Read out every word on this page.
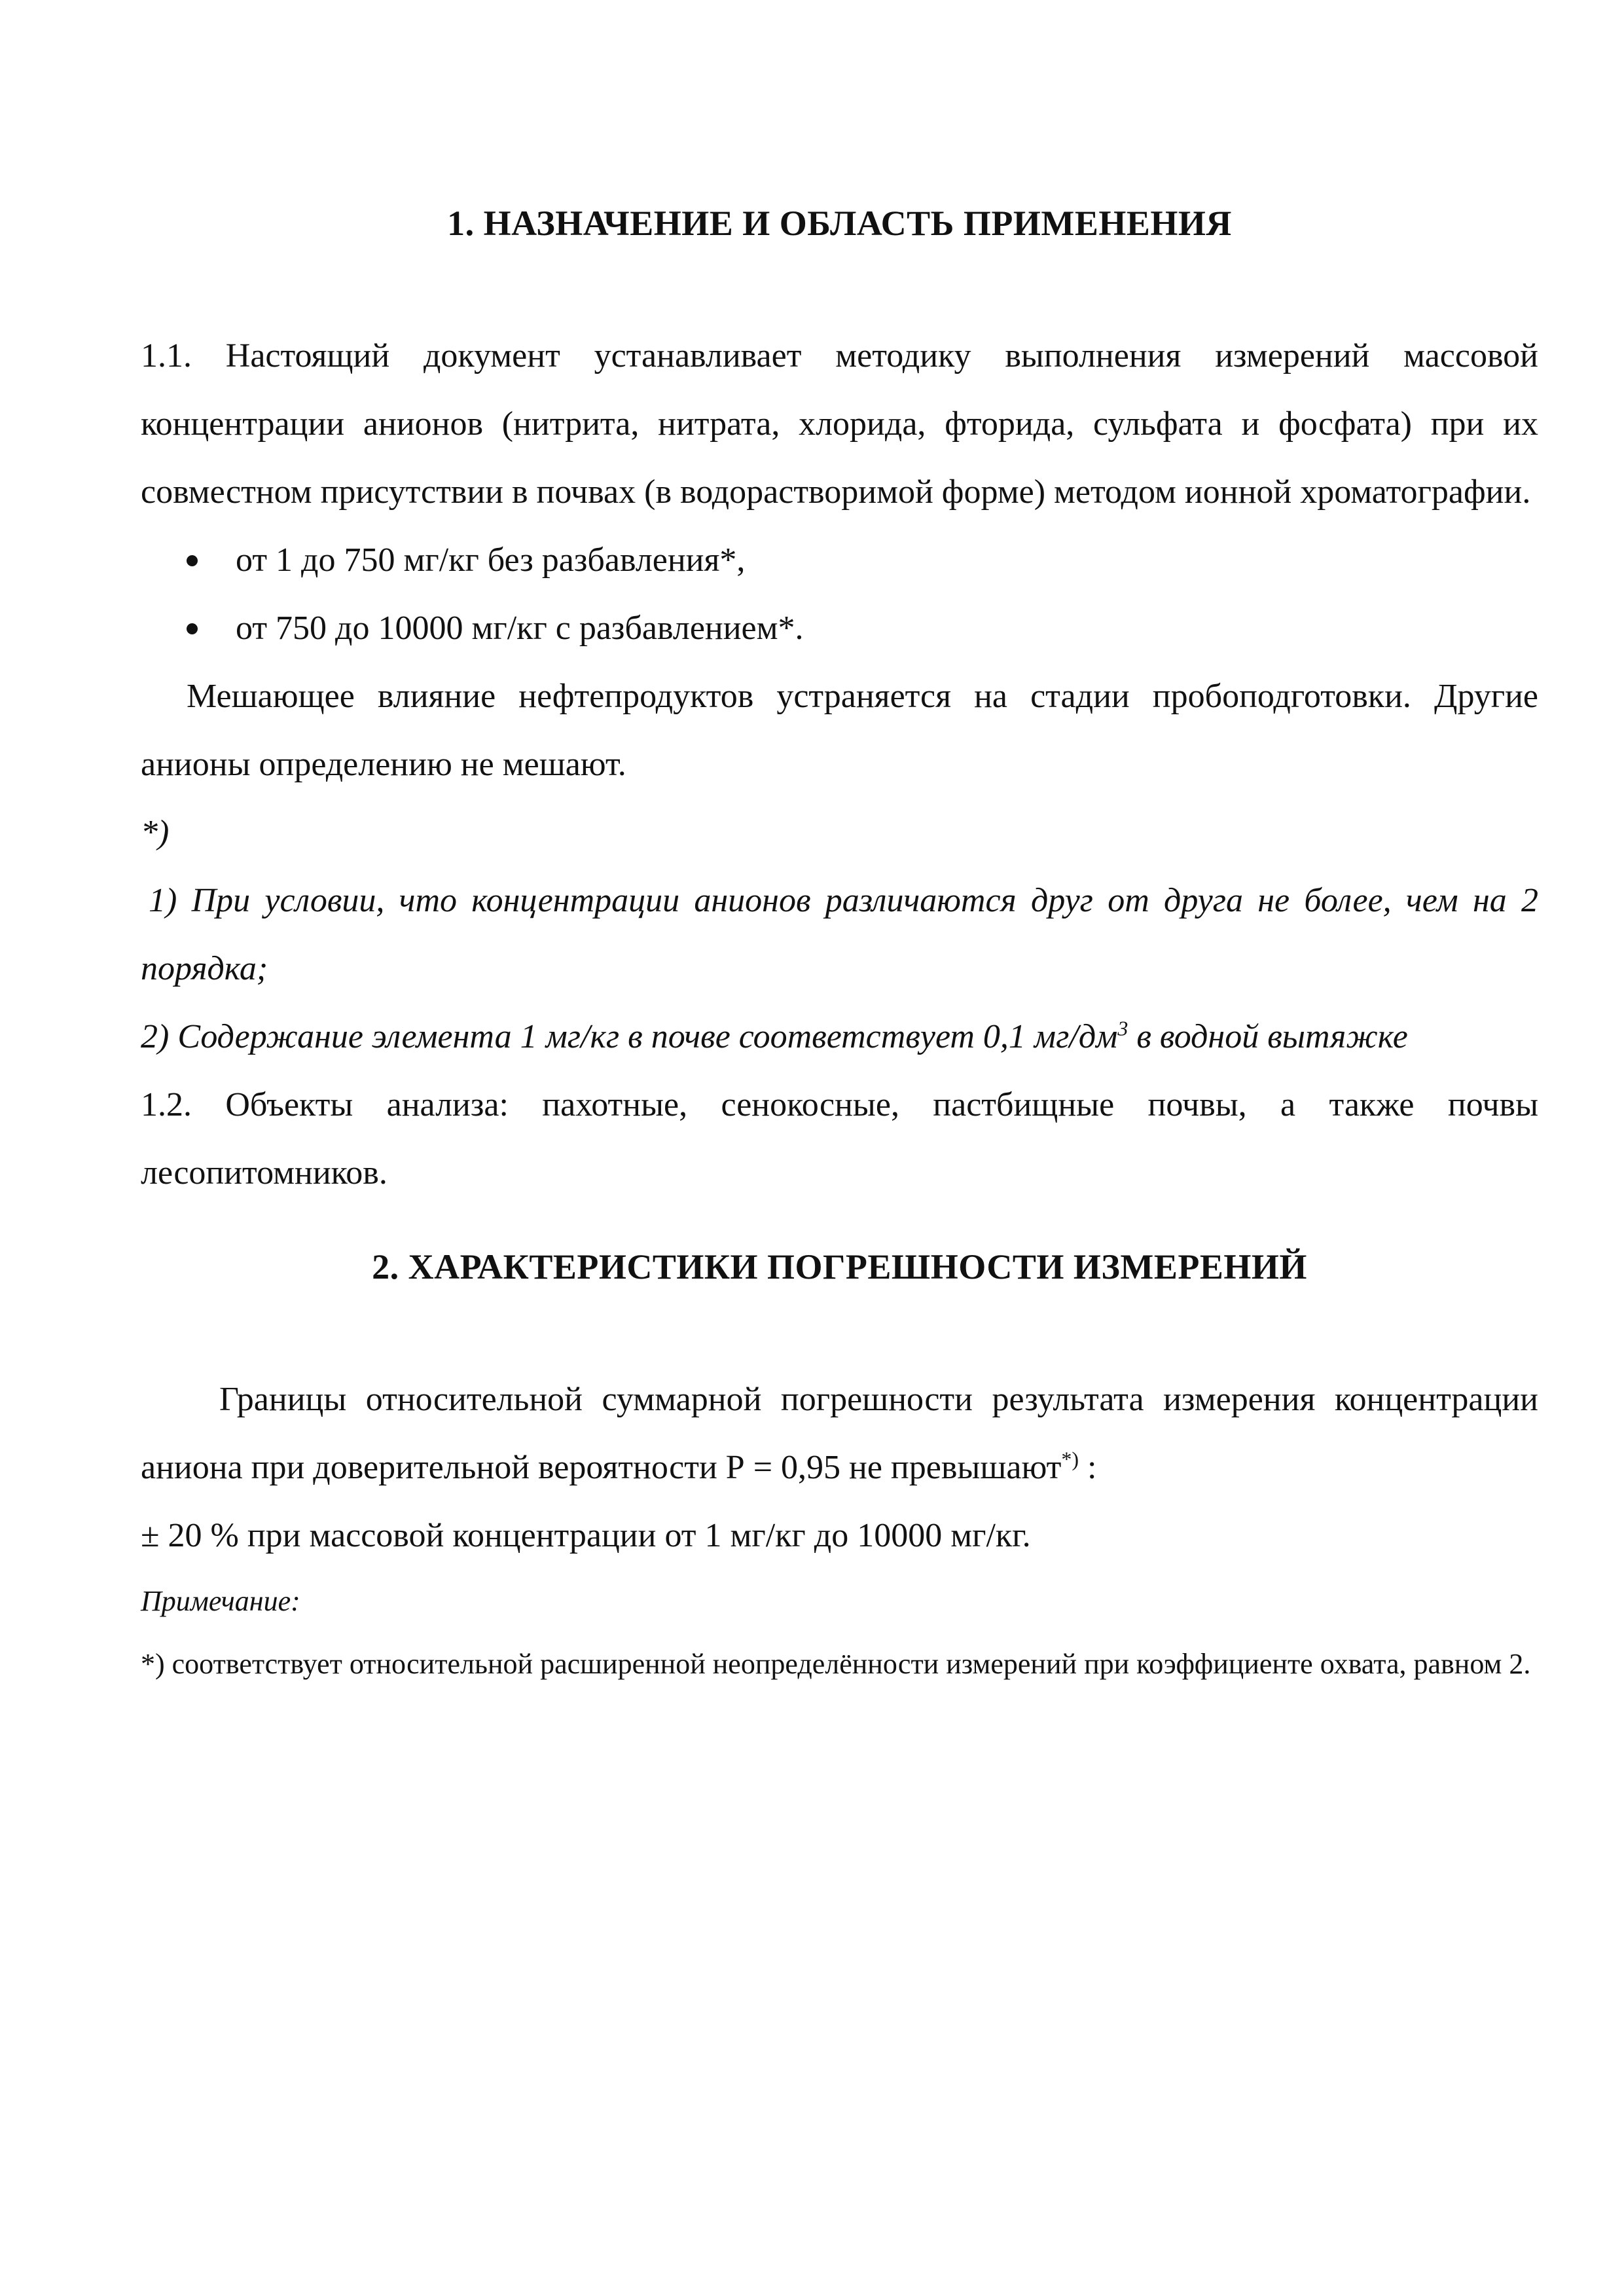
1. НАЗНАЧЕНИЕ И ОБЛАСТЬ ПРИМЕНЕНИЯ

1.1. Настоящий документ устанавливает методику выполнения измерений массовой концентрации анионов (нитрита, нитрата, хлорида, фторида, сульфата и фосфата) при их совместном присутствии в почвах (в водорастворимой форме) методом ионной хроматографии.

от 1 до 750 мг/кг без разбавления*,
от 750 до 10000 мг/кг с разбавлением*.

Мешающее влияние нефтепродуктов устраняется на стадии пробоподготовки. Другие анионы определению не мешают.

*)

1) При условии, что концентрации анионов различаются друг от друга не более, чем на 2 порядка;

2) Содержание элемента 1 мг/кг в почве соответствует 0,1 $мг/дм^3$ в водной вытяжке

1.2. Объекты анализа: пахотные, сенокосные, пастбищные почвы, а также почвы лесопитомников.

2. ХАРАКТЕРИСТИКИ ПОГРЕШНОСТИ ИЗМЕРЕНИЙ

Границы относительной суммарной погрешности результата измерения концентрации аниона при доверительной вероятности Р = 0,95 не превышают*) :

± 20 % при массовой концентрации от 1 мг/кг до 10000 мг/кг.

Примечание:

*) соответствует относительной расширенной неопределённости измерений при коэффициенте охвата, равном 2.
